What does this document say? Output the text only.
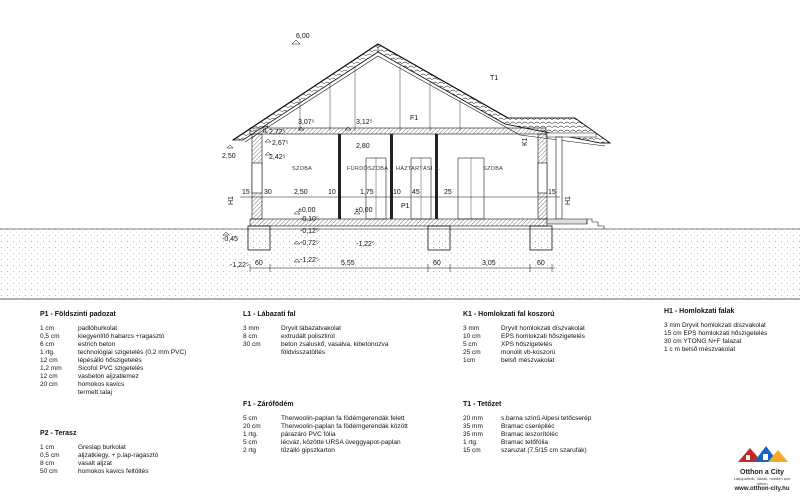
6,00
3,07⁵	3,12⁵
2,72⁵
2,67⁵	2,80
2,50	2,42⁵
±0,00	±0,00
-0,10⁵
-0,12⁵
-0,45
-0,72⁵	-1,22⁵
-1,22⁵
-1,22⁵
T1
F1
F1
K1
P1
H1	H1
SZOBA	FÜRDŐSZOBA HÁZTARTÁSI H.	SZOBA
15 30	2,50	10	1,75	10 45	25	15
60	5,55	60	3,05	60
P1 - Földszinti padozat
1 cm	padlóburkolat
0,5 cm	kiegyenlítő habarcs +ragasztó
6 cm	estrich beton
1 rtg.	technológiai szigetelés (0,2 mm PVC)
12 cm	lépésálló hőszigetelés
1,2 mm	Sicofol PVC szigetelés
12 cm	vasbeton aljzatlemez
20 cm	homokos kavics
termett talaj
P2 - Terasz
1 cm	Greslap burkolat
0,5 cm	aljzatkiegy. + p.lap-ragasztó
8 cm	vasalt aljzat
50 cm	homokos kavics feltöltés
L1 - Lábazati fal
3 mm	Dryvit lábazatvakolat
8 cm	extrudált polisztirol
30 cm	beton zsaluskő, vasalva, kibetonozva
földvisszatöltés
F1 - Zárófödém
5 cm	Therwoolin-paplan fa födémgerendák felett
20 cm	Therwoolin-paplan fa födémgerendák között
1 rtg.	párazáró PVC fólia
5 cm	lécváz, közötte URSA üveggyapot-paplan
2 rtg	tűzálló gipszkarton
K1 - Homlokzati fal koszorú
3 mm	Dryvit homlokzati díszvakolat
10 cm	EPS homlokzati hőszigetelés
5 cm	XPS hőszigetelés
25 cm	monolit vb-koszorú
1cm	belső mészvakolat
T1 - Tetőzet
20 mm	s.barna színű Alpesi tetőcserép
35 mm	Bramac cseréplléc
35 mm	Bramac leszorítóléc
1 rtg.	Bramac tetőfólia
15 cm	szaruzat (7,5/15 cm szarufák)
H1 - Homlokzati falak
3 mm Dryvit homlokzati díszvakolat
15 cm EPS homlokzati hőszigetelés
30 cm YTONG N+F falazat
1 c m belső mészvakolat
Otthon a City
Lakóparkok, házak, minden ami otthon
www.otthon-city.hu
